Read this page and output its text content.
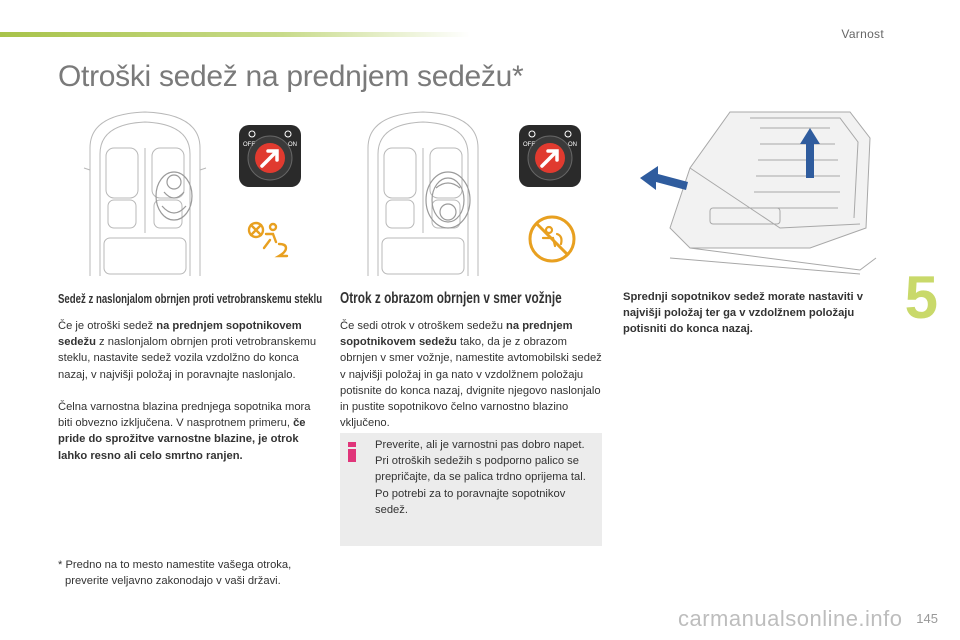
Varnost
Otroški sedež na prednjem sedežu*
5
OFF	ON	OFF	ON
Sedež z naslonjalom obrnjen proti vetrobranskemu steklu Otrok z obrazom obrnjen v smer vožnje

Če je otroški sedež na prednjem sopotnikovem sedežu z naslonjalom obrnjen proti vetrobranskemu steklu, nastavite sedež vozila vzdolžno do konca nazaj, v najvišji položaj in poravnajte naslonjalo.

Čelna varnostna blazina prednjega sopotnika mora biti obvezno izključena. V nasprotnem primeru, če pride do sprožitve varnostne blazine, je otrok lahko resno ali celo smrtno ranjen.

Če sedi otrok v otroškem sedežu na prednjem sopotnikovem sedežu tako, da je z obrazom obrnjen v smer vožnje, namestite avtomobilski sedež v najvišji položaj in ga nato v vzdolžnem položaju potisnite do konca nazaj, dvignite njegovo naslonjalo in pustite sopotnikovo čelno varnostno blazino vključeno.

Preverite, ali je varnostni pas dobro napet.
Pri otroških sedežih s podporno palico se prepričajte, da se palica trdno oprijema tal. Po potrebi za to poravnajte sopotnikov sedež.

Sprednji sopotnikov sedež morate nastaviti v najvišji položaj ter ga v vzdolžnem položaju potisniti do konca nazaj.

* Predno na to mesto namestite vašega otroka,
preverite veljavno zakonodajo v vaši državi.

carmanualsonline.info 145
